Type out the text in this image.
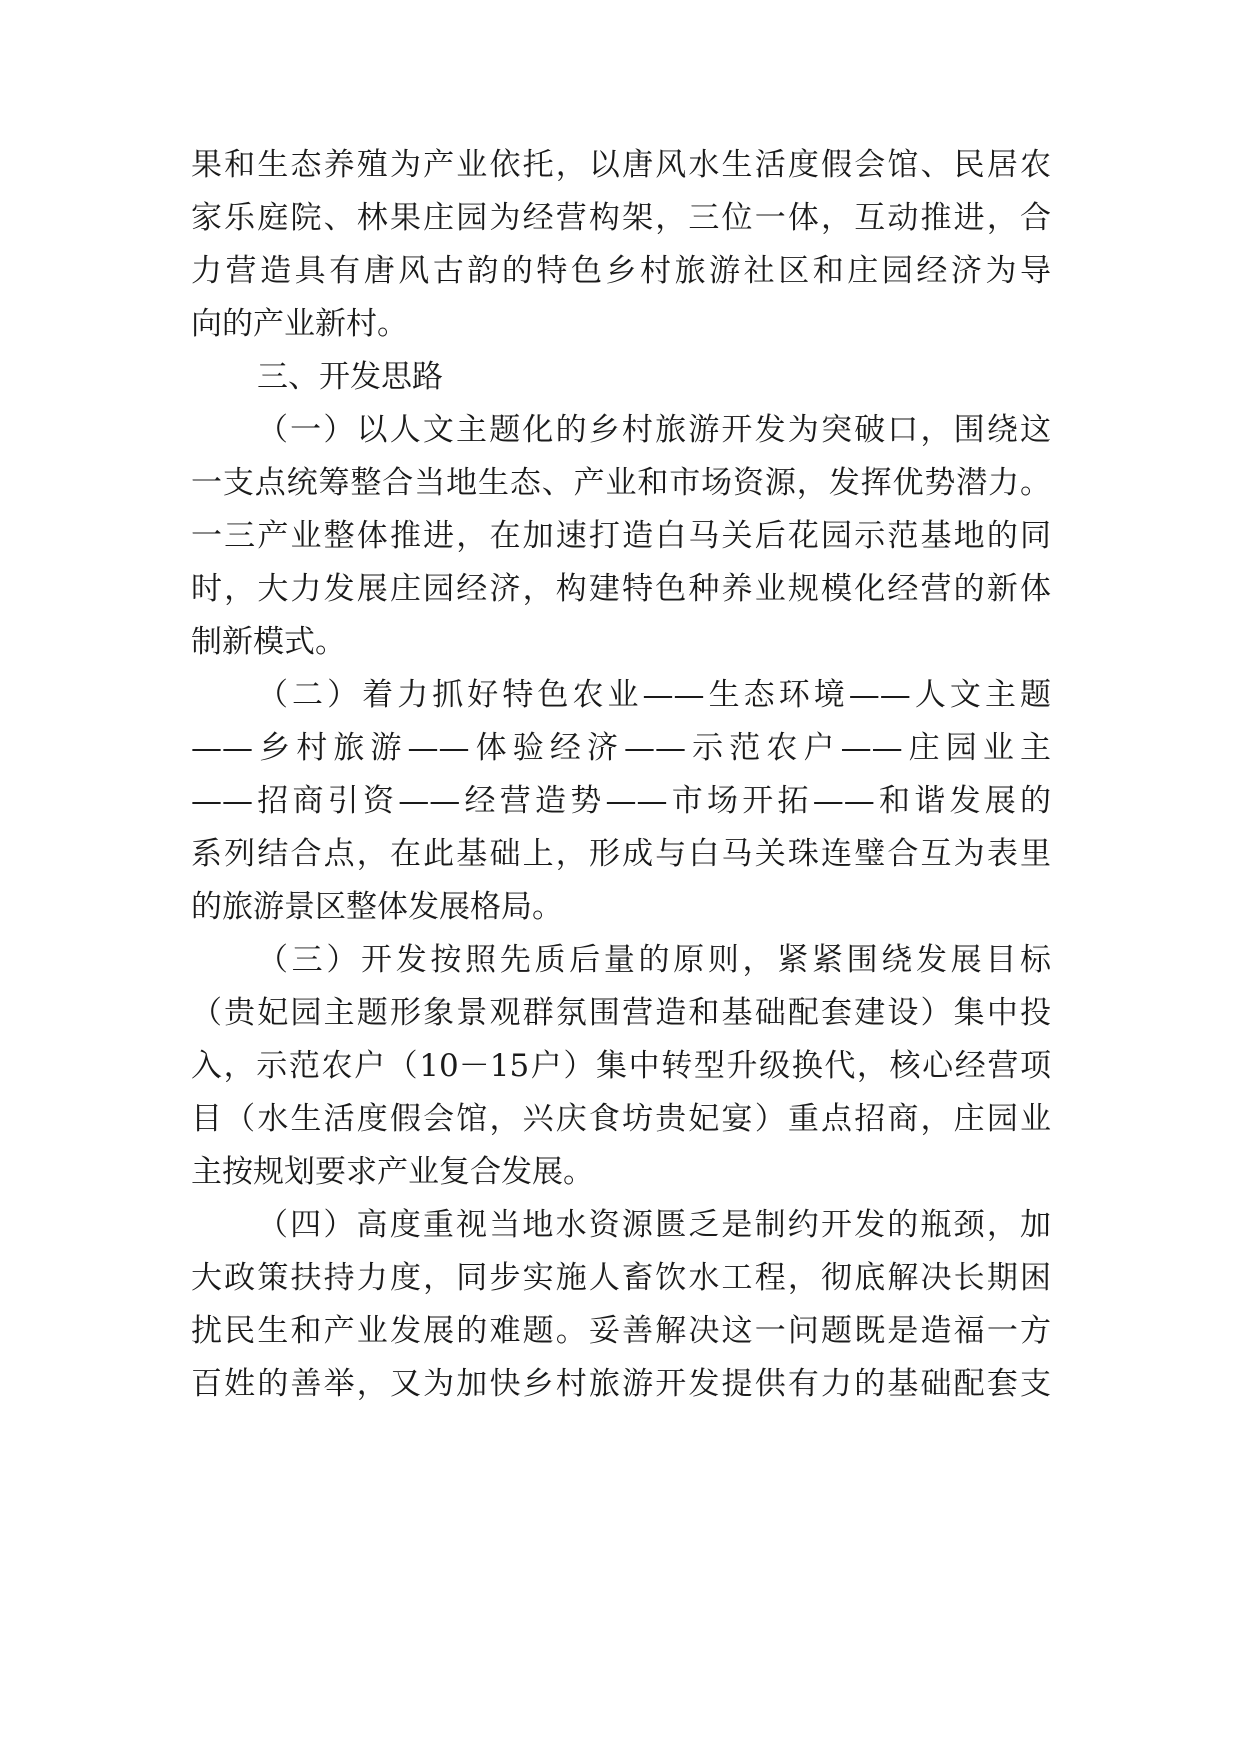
果和生态养殖为产业依托，以唐风水生活度假会馆、民居农
家乐庭院、林果庄园为经营构架，三位一体，互动推进，合
力营造具有唐风古韵的特色乡村旅游社区和庄园经济为导
向的产业新村。
三、开发思路
（一）以人文主题化的乡村旅游开发为突破口，围绕这
一支点统筹整合当地生态、产业和市场资源，发挥优势潜力。
一三产业整体推进，在加速打造白马关后花园示范基地的同
时，大力发展庄园经济，构建特色种养业规模化经营的新体
制新模式。
（二）着力抓好特色农业——生态环境——人文主题
——乡村旅游——体验经济——示范农户——庄园业主
——招商引资——经营造势——市场开拓——和谐发展的
系列结合点，在此基础上，形成与白马关珠连璧合互为表里
的旅游景区整体发展格局。
（三）开发按照先质后量的原则，紧紧围绕发展目标
（贵妃园主题形象景观群氛围营造和基础配套建设）集中投
入，示范农户（10－15户）集中转型升级换代，核心经营项
目（水生活度假会馆，兴庆食坊贵妃宴）重点招商，庄园业
主按规划要求产业复合发展。
（四）高度重视当地水资源匮乏是制约开发的瓶颈，加
大政策扶持力度，同步实施人畜饮水工程，彻底解决长期困
扰民生和产业发展的难题。妥善解决这一问题既是造福一方
百姓的善举，又为加快乡村旅游开发提供有力的基础配套支
